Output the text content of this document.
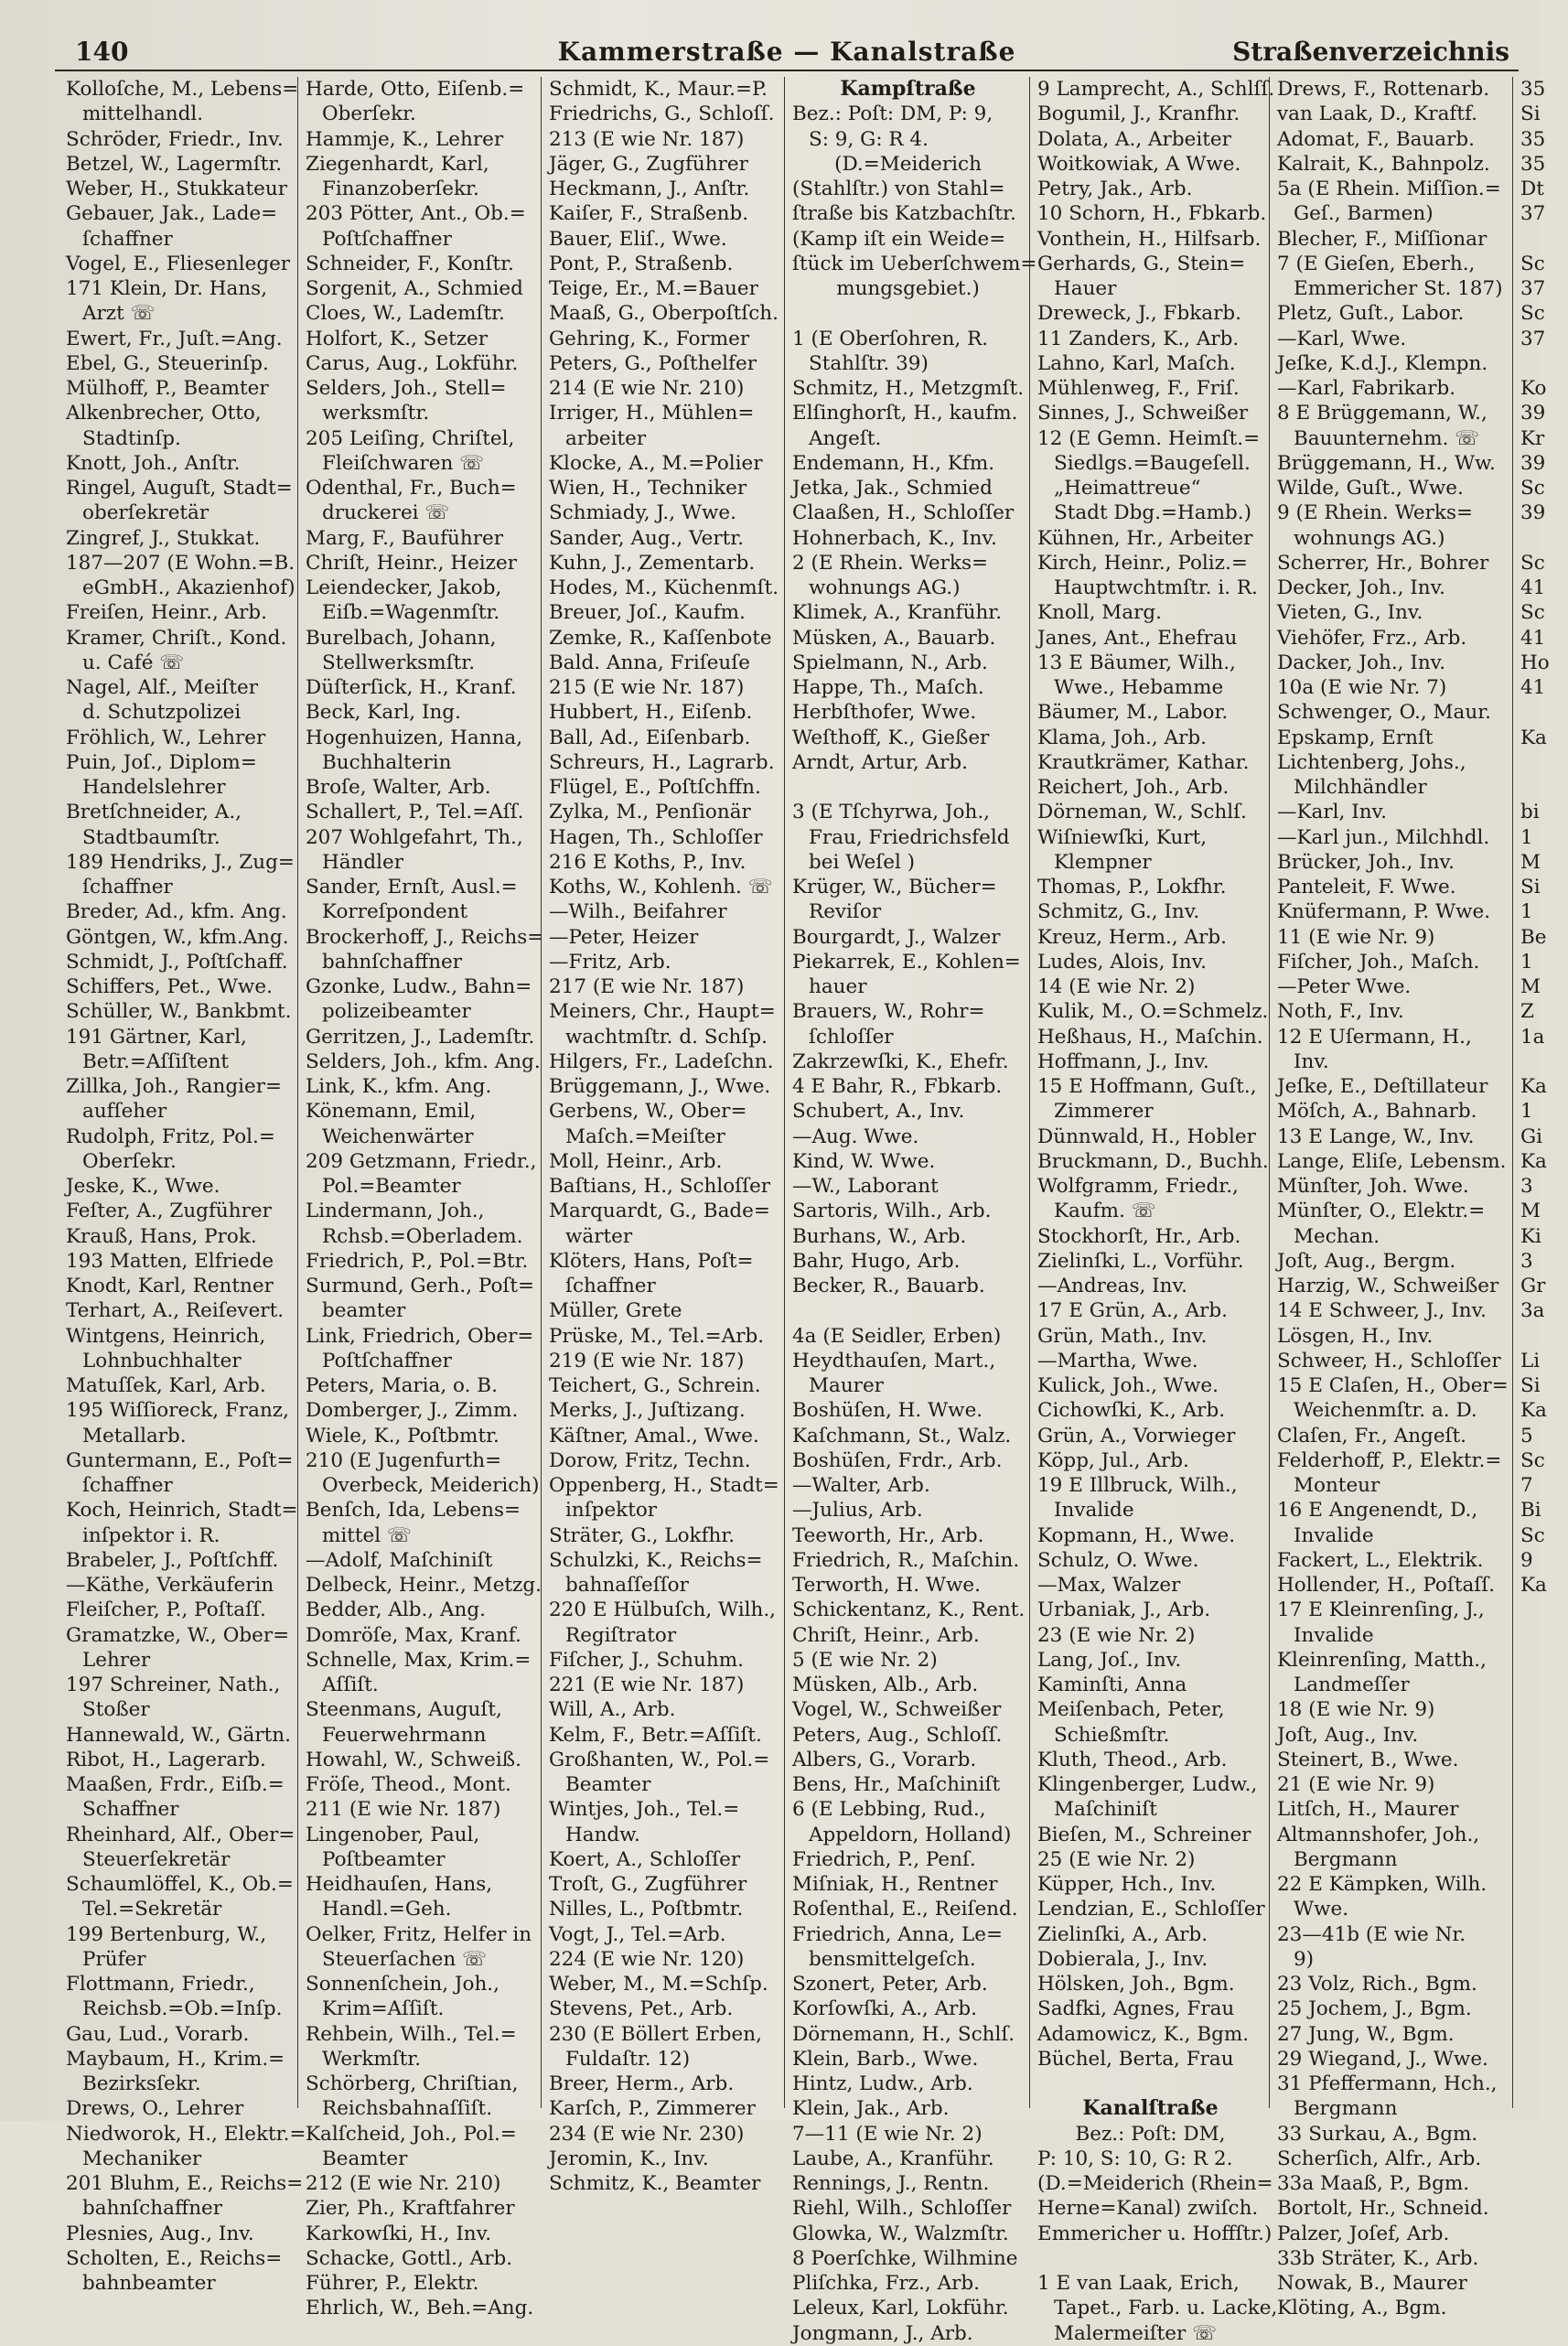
140	Kammerstraße — Kanalstraße	Straßenverzeichnis
Kolloſche, M., Lebens=
mittelhandl.
Schröder, Friedr., Inv.
Betzel, W., Lagermſtr.
Weber, H., Stukkateur
Gebauer, Jak., Lade=
ſchaffner
Vogel, E., Fliesenleger
171 Klein, Dr. Hans,
Arzt ☏
Ewert, Fr., Juſt.=Ang.
Ebel, G., Steuerinſp.
Mülhoff, P., Beamter
Alkenbrecher, Otto,
Stadtinſp.
Knott, Joh., Anſtr.
Ringel, Auguſt, Stadt=
oberſekretär
Zingref, J., Stukkat.
187—207 (E Wohn.=B.
eGmbH., Akazienhof)
Freiſen, Heinr., Arb.
Kramer, Chriſt., Kond.
u. Café ☏
Nagel, Alf., Meiſter
d. Schutzpolizei
Fröhlich, W., Lehrer
Puin, Joſ., Diplom=
Handelslehrer
Bretſchneider, A.,
Stadtbaumſtr.
189 Hendriks, J., Zug=
ſchaffner
Breder, Ad., kfm. Ang.
Göntgen, W., kfm.Ang.
Schmidt, J., Poſtſchaff.
Schiffers, Pet., Wwe.
Schüller, W., Bankbmt.
191 Gärtner, Karl,
Betr.=Aſſiſtent
Zillka, Joh., Rangier=
aufſeher
Rudolph, Fritz, Pol.=
Oberſekr.
Jeske, K., Wwe.
Feſter, A., Zugführer
Krauß, Hans, Prok.
193 Matten, Elfriede
Knodt, Karl, Rentner
Terhart, A., Reiſevert.
Wintgens, Heinrich,
Lohnbuchhalter
Matuſſek, Karl, Arb.
195 Wiſſioreck, Franz,
Metallarb.
Guntermann, E., Poſt=
ſchaffner
Koch, Heinrich, Stadt=
inſpektor i. R.
Brabeler, J., Poſtſchff.
—Käthe, Verkäuferin
Fleiſcher, P., Poſtaſſ.
Gramatzke, W., Ober=
Lehrer
197 Schreiner, Nath.,
Stoßer
Hannewald, W., Gärtn.
Ribot, H., Lagerarb.
Maaßen, Frdr., Eiſb.=
Schaffner
Rheinhard, Alf., Ober=
Steuerſekretär
Schaumlöffel, K., Ob.=
Tel.=Sekretär
199 Bertenburg, W.,
Prüfer
Flottmann, Friedr.,
Reichsb.=Ob.=Inſp.
Gau, Lud., Vorarb.
Maybaum, H., Krim.=
Bezirksſekr.
Drews, O., Lehrer
Niedworok, H., Elektr.=
Mechaniker
201 Bluhm, E., Reichs=
bahnſchaffner
Plesnies, Aug., Inv.
Scholten, E., Reichs=
bahnbeamter
Harde, Otto, Eiſenb.=
Oberſekr.
Hammje, K., Lehrer
Ziegenhardt, Karl,
Finanzoberſekr.
203 Pötter, Ant., Ob.=
Poſtſchaffner
Schneider, F., Konſtr.
Sorgenit, A., Schmied
Cloes, W., Lademſtr.
Holfort, K., Setzer
Carus, Aug., Lokführ.
Selders, Joh., Stell=
werksmſtr.
205 Leiſing, Chriſtel,
Fleiſchwaren ☏
Odenthal, Fr., Buch=
druckerei ☏
Marg, F., Bauführer
Chriſt, Heinr., Heizer
Leiendecker, Jakob,
Eiſb.=Wagenmſtr.
Burelbach, Johann,
Stellwerksmſtr.
Düſterſick, H., Kranf.
Beck, Karl, Ing.
Hogenhuizen, Hanna,
Buchhalterin
Broſe, Walter, Arb.
Schallert, P., Tel.=Aſſ.
207 Wohlgefahrt, Th.,
Händler
Sander, Ernſt, Ausl.=
Korreſpondent
Brockerhoff, J., Reichs=
bahnſchaffner
Gzonke, Ludw., Bahn=
polizeibeamter
Gerritzen, J., Lademſtr.
Selders, Joh., kfm. Ang.
Link, K., kfm. Ang.
Könemann, Emil,
Weichenwärter
209 Getzmann, Friedr.,
Pol.=Beamter
Lindermann, Joh.,
Rchsb.=Oberladem.
Friedrich, P., Pol.=Btr.
Surmund, Gerh., Poſt=
beamter
Link, Friedrich, Ober=
Poſtſchaffner
Peters, Maria, o. B.
Domberger, J., Zimm.
Wiele, K., Poſtbmtr.
210 (E Jugenfurth=
Overbeck, Meiderich)
Benſch, Ida, Lebens=
mittel ☏
—Adolf, Maſchiniſt
Delbeck, Heinr., Metzg.
Bedder, Alb., Ang.
Domröſe, Max, Kranf.
Schnelle, Max, Krim.=
Aſſiſt.
Steenmans, Auguſt,
Feuerwehrmann
Howahl, W., Schweiß.
Fröſe, Theod., Mont.
211 (E wie Nr. 187)
Lingenober, Paul,
Poſtbeamter
Heidhauſen, Hans,
Handl.=Geh.
Oelker, Fritz, Helfer in
Steuerſachen ☏
Sonnenſchein, Joh.,
Krim=Aſſiſt.
Rehbein, Wilh., Tel.=
Werkmſtr.
Schörberg, Chriſtian,
Reichsbahnaſſiſt.
Kalſcheid, Joh., Pol.=
Beamter
212 (E wie Nr. 210)
Zier, Ph., Kraftfahrer
Karkowſki, H., Inv.
Schacke, Gottl., Arb.
Führer, P., Elektr.
Ehrlich, W., Beh.=Ang.
Schmidt, K., Maur.=P.
Friedrichs, G., Schloſſ.
213 (E wie Nr. 187)
Jäger, G., Zugführer
Heckmann, J., Anſtr.
Kaiſer, F., Straßenb.
Bauer, Eliſ., Wwe.
Pont, P., Straßenb.
Teige, Er., M.=Bauer
Maaß, G., Oberpoſtſch.
Gehring, K., Former
Peters, G., Poſthelfer
214 (E wie Nr. 210)
Irriger, H., Mühlen=
arbeiter
Klocke, A., M.=Polier
Wien, H., Techniker
Schmiady, J., Wwe.
Sander, Aug., Vertr.
Kuhn, J., Zementarb.
Hodes, M., Küchenmſt.
Breuer, Joſ., Kaufm.
Zemke, R., Kaſſenbote
Bald. Anna, Friſeuſe
215 (E wie Nr. 187)
Hubbert, H., Eiſenb.
Ball, Ad., Eiſenbarb.
Schreurs, H., Lagrarb.
Flügel, E., Poſtſchffn.
Zylka, M., Penſionär
Hagen, Th., Schloſſer
216 E Koths, P., Inv.
Koths, W., Kohlenh. ☏
—Wilh., Beifahrer
—Peter, Heizer
—Fritz, Arb.
217 (E wie Nr. 187)
Meiners, Chr., Haupt=
wachtmſtr. d. Schſp.
Hilgers, Fr., Ladeſchn.
Brüggemann, J., Wwe.
Gerbens, W., Ober=
Maſch.=Meiſter
Moll, Heinr., Arb.
Baſtians, H., Schloſſer
Marquardt, G., Bade=
wärter
Klöters, Hans, Poſt=
ſchaffner
Müller, Grete
Prüske, M., Tel.=Arb.
219 (E wie Nr. 187)
Teichert, G., Schrein.
Merks, J., Juſtizang.
Käſtner, Amal., Wwe.
Dorow, Fritz, Techn.
Oppenberg, H., Stadt=
inſpektor
Sträter, G., Lokfhr.
Schulzki, K., Reichs=
bahnaſſeſſor
220 E Hülbuſch, Wilh.,
Regiſtrator
Fiſcher, J., Schuhm.
221 (E wie Nr. 187)
Will, A., Arb.
Kelm, F., Betr.=Aſſiſt.
Großhanten, W., Pol.=
Beamter
Wintjes, Joh., Tel.=
Handw.
Koert, A., Schloſſer
Troſt, G., Zugführer
Nilles, L., Poſtbmtr.
Vogt, J., Tel.=Arb.
224 (E wie Nr. 120)
Weber, M., M.=Schſp.
Stevens, Pet., Arb.
230 (E Böllert Erben,
Fuldaſtr. 12)
Breer, Herm., Arb.
Karſch, P., Zimmerer
234 (E wie Nr. 230)
Jeromin, K., Inv.
Schmitz, K., Beamter
Kampſtraße
Bez.: Poſt: DM, P: 9,
S: 9, G: R 4.
(D.=Meiderich
(Stahlſtr.) von Stahl=
ſtraße bis Katzbachſtr.
(Kamp iſt ein Weide=
ſtück im Ueberſchwem=
mungsgebiet.)
1 (E Oberſohren, R.
Stahlſtr. 39)
Schmitz, H., Metzgmſt.
Elſinghorſt, H., kaufm.
Angeſt.
Endemann, H., Kfm.
Jetka, Jak., Schmied
Claaßen, H., Schloſſer
Hohnerbach, K., Inv.
2 (E Rhein. Werks=
wohnungs AG.)
Klimek, A., Kranführ.
Müsken, A., Bauarb.
Spielmann, N., Arb.
Happe, Th., Maſch.
Herbſthofer, Wwe.
Weſthoff, K., Gießer
Arndt, Artur, Arb.
3 (E Tſchyrwa, Joh.,
Frau, Friedrichsfeld
bei Weſel )
Krüger, W., Bücher=
Reviſor
Bourgardt, J., Walzer
Piekarrek, E., Kohlen=
hauer
Brauers, W., Rohr=
ſchloſſer
Zakrzewſki, K., Ehefr.
4 E Bahr, R., Fbkarb.
Schubert, A., Inv.
—Aug. Wwe.
Kind, W. Wwe.
—W., Laborant
Sartoris, Wilh., Arb.
Burhans, W., Arb.
Bahr, Hugo, Arb.
Becker, R., Bauarb.
4a (E Seidler, Erben)
Heydthauſen, Mart.,
Maurer
Boshüſen, H. Wwe.
Kaſchmann, St., Walz.
Boshüſen, Frdr., Arb.
—Walter, Arb.
—Julius, Arb.
Teeworth, Hr., Arb.
Friedrich, R., Maſchin.
Terworth, H. Wwe.
Schickentanz, K., Rent.
Chriſt, Heinr., Arb.
5 (E wie Nr. 2)
Müsken, Alb., Arb.
Vogel, W., Schweißer
Peters, Aug., Schloſſ.
Albers, G., Vorarb.
Bens, Hr., Maſchiniſt
6 (E Lebbing, Rud.,
Appeldorn, Holland)
Friedrich, P., Penſ.
Miſniak, H., Rentner
Roſenthal, E., Reiſend.
Friedrich, Anna, Le=
bensmittelgeſch.
Szonert, Peter, Arb.
Korſowſki, A., Arb.
Dörnemann, H., Schlſ.
Klein, Barb., Wwe.
Hintz, Ludw., Arb.
Klein, Jak., Arb.
7—11 (E wie Nr. 2)
Laube, A., Kranführ.
Rennings, J., Rentn.
Riehl, Wilh., Schloſſer
Glowka, W., Walzmſtr.
8 Poerſchke, Wilhmine
Pliſchka, Frz., Arb.
Leleux, Karl, Lokführ.
Jongmann, J., Arb.
9 Lamprecht, A., Schlſſ.
Bogumil, J., Kranfhr.
Dolata, A., Arbeiter
Woitkowiak, A Wwe.
Petry, Jak., Arb.
10 Schorn, H., Fbkarb.
Vonthein, H., Hilfsarb.
Gerhards, G., Stein=
Hauer
Dreweck, J., Fbkarb.
11 Zanders, K., Arb.
Lahno, Karl, Maſch.
Mühlenweg, F., Friſ.
Sinnes, J., Schweißer
12 (E Gemn. Heimſt.=
Siedlgs.=Baugeſell.
„Heimattreue“
Stadt Dbg.=Hamb.)
Kühnen, Hr., Arbeiter
Kirch, Heinr., Poliz.=
Hauptwchtmſtr. i. R.
Knoll, Marg.
Janes, Ant., Ehefrau
13 E Bäumer, Wilh.,
Wwe., Hebamme
Bäumer, M., Labor.
Klama, Joh., Arb.
Krautkrämer, Kathar.
Reichert, Joh., Arb.
Dörneman, W., Schlſ.
Wiſniewſki, Kurt,
Klempner
Thomas, P., Lokfhr.
Schmitz, G., Inv.
Kreuz, Herm., Arb.
Ludes, Alois, Inv.
14 (E wie Nr. 2)
Kulik, M., O.=Schmelz.
Heßhaus, H., Maſchin.
Hoffmann, J., Inv.
15 E Hoffmann, Guſt.,
Zimmerer
Dünnwald, H., Hobler
Bruckmann, D., Buchh.
Wolfgramm, Friedr.,
Kaufm. ☏
Stockhorſt, Hr., Arb.
Zielinſki, L., Vorführ.
—Andreas, Inv.
17 E Grün, A., Arb.
Grün, Math., Inv.
—Martha, Wwe.
Kulick, Joh., Wwe.
Cichowſki, K., Arb.
Grün, A., Vorwieger
Köpp, Jul., Arb.
19 E Illbruck, Wilh.,
Invalide
Kopmann, H., Wwe.
Schulz, O. Wwe.
—Max, Walzer
Urbaniak, J., Arb.
23 (E wie Nr. 2)
Lang, Joſ., Inv.
Kaminſti, Anna
Meiſenbach, Peter,
Schießmſtr.
Kluth, Theod., Arb.
Klingenberger, Ludw.,
Maſchiniſt
Bieſen, M., Schreiner
25 (E wie Nr. 2)
Küpper, Hch., Inv.
Lendzian, E., Schloſſer
Zielinſki, A., Arb.
Dobierala, J., Inv.
Hölsken, Joh., Bgm.
Sadfki, Agnes, Frau
Adamowicz, K., Bgm.
Büchel, Berta, Frau
Kanalſtraße
Bez.: Poſt: DM,
P: 10, S: 10, G: R 2.
(D.=Meiderich (Rhein=
Herne=Kanal) zwiſch.
Emmericher u. Hoffſtr.)
1 E van Laak, Erich,
Tapet., Farb. u. Lacke,
Malermeiſter ☏
Drews, F., Rottenarb.
van Laak, D., Kraftf.
Adomat, F., Bauarb.
Kalrait, K., Bahnpolz.
5a (E Rhein. Miſſion.=
Geſ., Barmen)
Blecher, F., Miſſionar
7 (E Gieſen, Eberh.,
Emmericher St. 187)
Pletz, Guſt., Labor.
—Karl, Wwe.
Jeſke, K.d.J., Klempn.
—Karl, Fabrikarb.
8 E Brüggemann, W.,
Bauunternehm. ☏
Brüggemann, H., Ww.
Wilde, Guſt., Wwe.
9 (E Rhein. Werks=
wohnungs AG.)
Scherrer, Hr., Bohrer
Decker, Joh., Inv.
Vieten, G., Inv.
Viehöfer, Frz., Arb.
Dacker, Joh., Inv.
10a (E wie Nr. 7)
Schwenger, O., Maur.
Epskamp, Ernſt
Lichtenberg, Johs.,
Milchhändler
—Karl, Inv.
—Karl jun., Milchhdl.
Brücker, Joh., Inv.
Panteleit, F. Wwe.
Knüfermann, P. Wwe.
11 (E wie Nr. 9)
Fiſcher, Joh., Maſch.
—Peter Wwe.
Noth, F., Inv.
12 E Uſermann, H.,
Inv.
Jeſke, E., Deſtillateur
Möſch, A., Bahnarb.
13 E Lange, W., Inv.
Lange, Eliſe, Lebensm.
Münſter, Joh. Wwe.
Münſter, O., Elektr.=
Mechan.
Joſt, Aug., Bergm.
Harzig, W., Schweißer
14 E Schweer, J., Inv.
Lösgen, H., Inv.
Schweer, H., Schloſſer
15 E Claſen, H., Ober=
Weichenmſtr. a. D.
Claſen, Fr., Angeſt.
Felderhoff, P., Elektr.=
Monteur
16 E Angenendt, D.,
Invalide
Fackert, L., Elektrik.
Hollender, H., Poſtaſſ.
17 E Kleinrenſing, J.,
Invalide
Kleinrenſing, Matth.,
Landmeſſer
18 (E wie Nr. 9)
Joſt, Aug., Inv.
Steinert, B., Wwe.
21 (E wie Nr. 9)
Litſch, H., Maurer
Altmannshofer, Joh.,
Bergmann
22 E Kämpken, Wilh.
Wwe.
23—41b (E wie Nr.
9)
23 Volz, Rich., Bgm.
25 Jochem, J., Bgm.
27 Jung, W., Bgm.
29 Wiegand, J., Wwe.
31 Pfeffermann, Hch.,
Bergmann
33 Surkau, A., Bgm.
Scherſich, Alfr., Arb.
33a Maaß, P., Bgm.
Bortolt, Hr., Schneid.
Palzer, Joſef, Arb.
33b Sträter, K., Arb.
Nowak, B., Maurer
Klöting, A., Bgm.
35
Si
35
35
Dt
37
Sc
37
Sc
37
Ko
39
Kr
39
Sc
39
Sc
41
Sc
41
Ho
41
Ka
bi
1
M
Si
1
Be
1
M
Z
1a
Ka
1
Gi
Ka
3
M
Ki
3
Gr
3a
Li
Si
Ka
5
Sc
7
Bi
Sc
9
Ka
